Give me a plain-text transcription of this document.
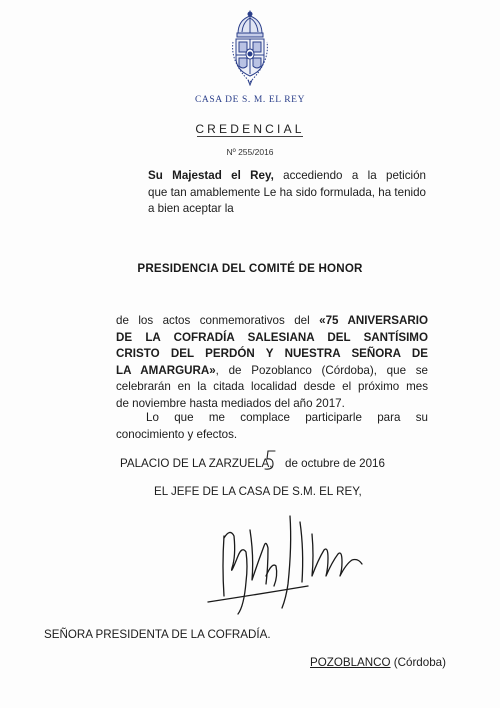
CASA DE S. M. EL REY
CREDENCIAL
Nº 255/2016
Su Majestad el Rey, accediendo a la petición
que tan amablemente Le ha sido formulada, ha tenido
a bien aceptar la
PRESIDENCIA DEL COMITÉ DE HONOR
de los actos conmemorativos del «75 ANIVERSARIO
DE LA COFRADÍA SALESIANA DEL SANTÍSIMO
CRISTO DEL PERDÓN Y NUESTRA SEÑORA DE
LA AMARGURA», de Pozoblanco (Córdoba), que se
celebrarán en la citada localidad desde el próximo mes
de noviembre hasta mediados del año 2017.
Lo que me complace participarle para su
conocimiento y efectos.
PALACIO DE LA ZARZUELA, de octubre de 2016
EL JEFE DE LA CASA DE S.M. EL REY,
SEÑORA PRESIDENTA DE LA COFRADÍA.
POZOBLANCO (Córdoba)
